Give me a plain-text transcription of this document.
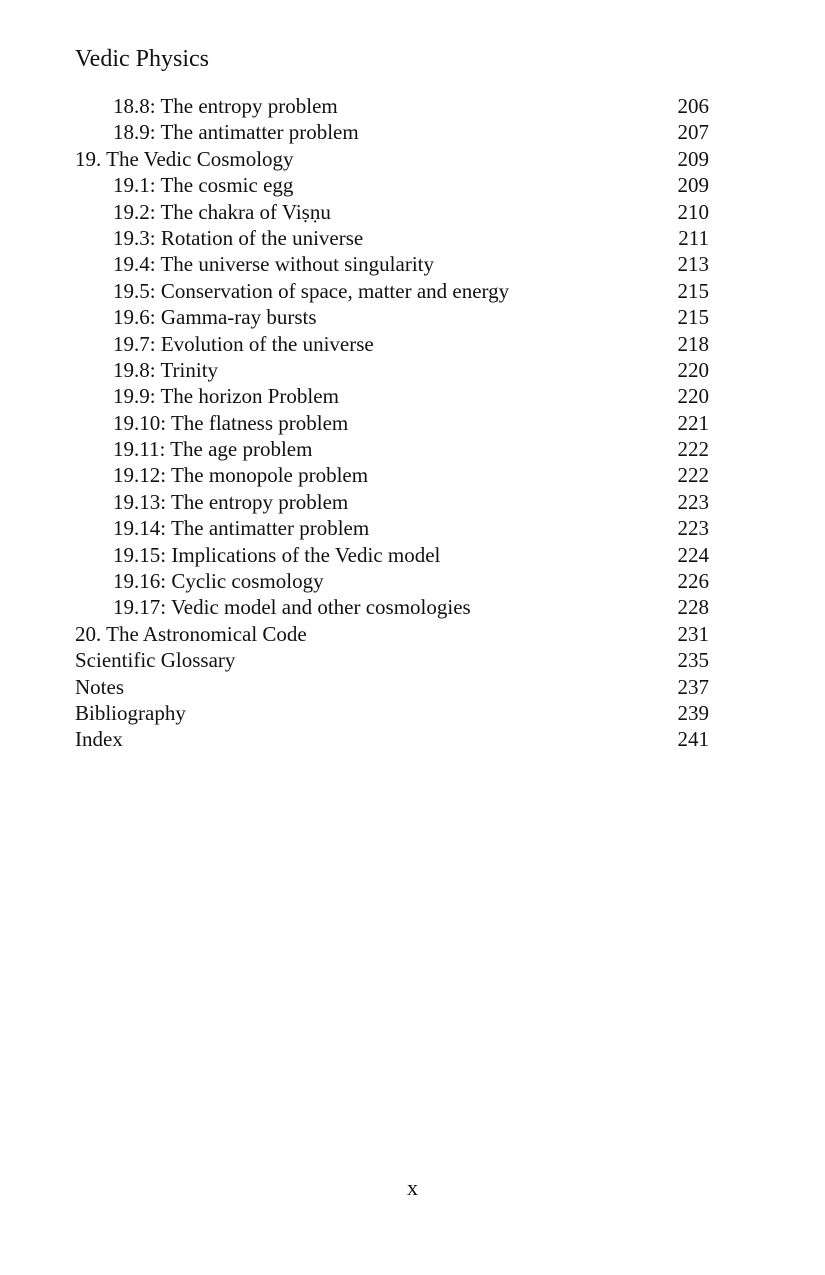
Vedic Physics
18.8: The entropy problem	206
18.9: The antimatter problem	207
19. The Vedic Cosmology	209
19.1: The cosmic egg	209
19.2: The chakra of Viṣṇu	210
19.3: Rotation of the universe	211
19.4: The universe without singularity	213
19.5: Conservation of space, matter and energy	215
19.6: Gamma-ray bursts	215
19.7: Evolution of the universe	218
19.8: Trinity	220
19.9: The horizon Problem	220
19.10: The flatness problem	221
19.11: The age problem	222
19.12: The monopole problem	222
19.13: The entropy problem	223
19.14: The antimatter problem	223
19.15: Implications of the Vedic model	224
19.16: Cyclic cosmology	226
19.17: Vedic model and other cosmologies	228
20. The Astronomical Code	231
Scientific Glossary	235
Notes	237
Bibliography	239
Index	241
x
